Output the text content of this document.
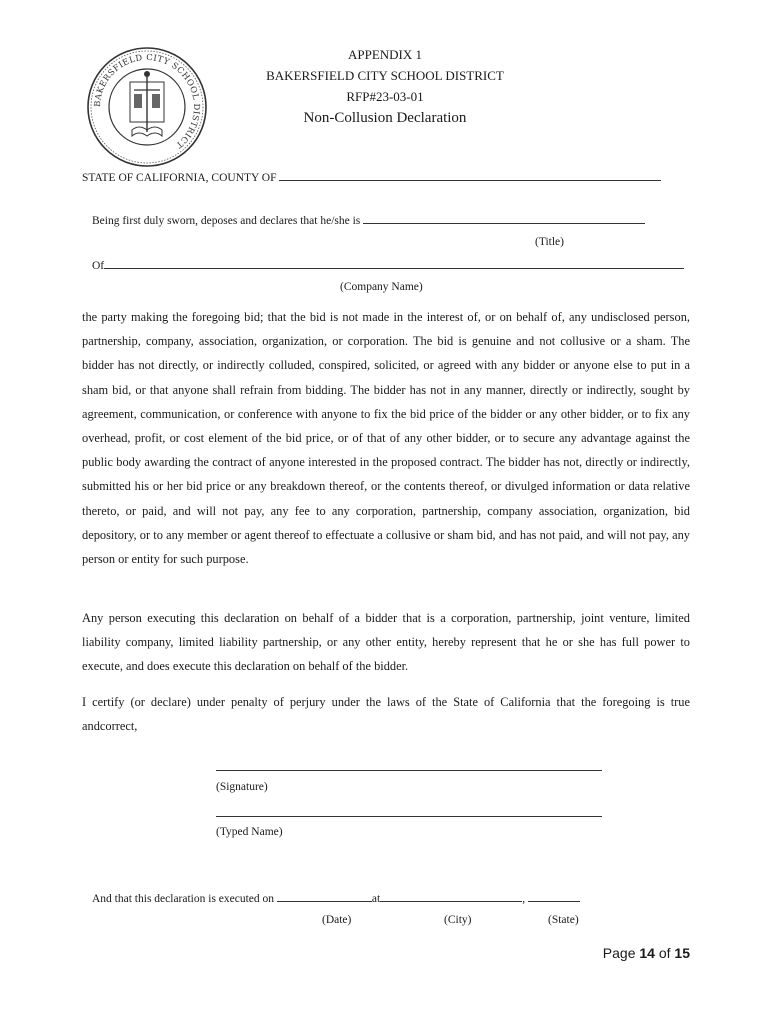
BAKERSFIELD CITY SCHOOL DISTRICT
APPENDIX 1
BAKERSFIELD CITY SCHOOL DISTRICT
RFP#23-03-01
Non-Collusion Declaration
STATE OF CALIFORNIA, COUNTY OF
Being first duly sworn, deposes and declares that he/she is
(Title)
Of
(Company Name)

the party making the foregoing bid; that the bid is not made in the interest of, or on behalf of, any undisclosed person, partnership, company, association, organization, or corporation. The bid is genuine and not collusive or a sham. The bidder has not directly, or indirectly colluded, conspired, solicited, or agreed with any bidder or anyone else to put in a sham bid, or that anyone shall refrain from bidding. The bidder has not in any manner, directly or indirectly, sought by agreement, communication, or conference with anyone to fix the bid price of the bidder or any other bidder, or to fix any overhead, profit, or cost element of the bid price, or of that of any other bidder, or to secure any advantage against the public body awarding the contract of anyone interested in the proposed contract. The bidder has not, directly or indirectly, submitted his or her bid price or any breakdown thereof, or the contents thereof, or divulged information or data relative thereto, or paid, and will not pay, any fee to any corporation, partnership, company association, organization, bid depository, or to any member or agent thereof to effectuate a collusive or sham bid, and has not paid, and will not pay, any person or entity for such purpose.

Any person executing this declaration on behalf of a bidder that is a corporation, partnership, joint venture, limited liability company, limited liability partnership, or any other entity, hereby represent that he or she has full power to execute, and does execute this declaration on behalf of the bidder.

I certify (or declare) under penalty of perjury under the laws of the State of California that the foregoing is true andcorrect,

(Signature)
(Typed Name)
And that this declaration is executed on	at	,
(Date)	(City)	(State)
Page 14 of 15
